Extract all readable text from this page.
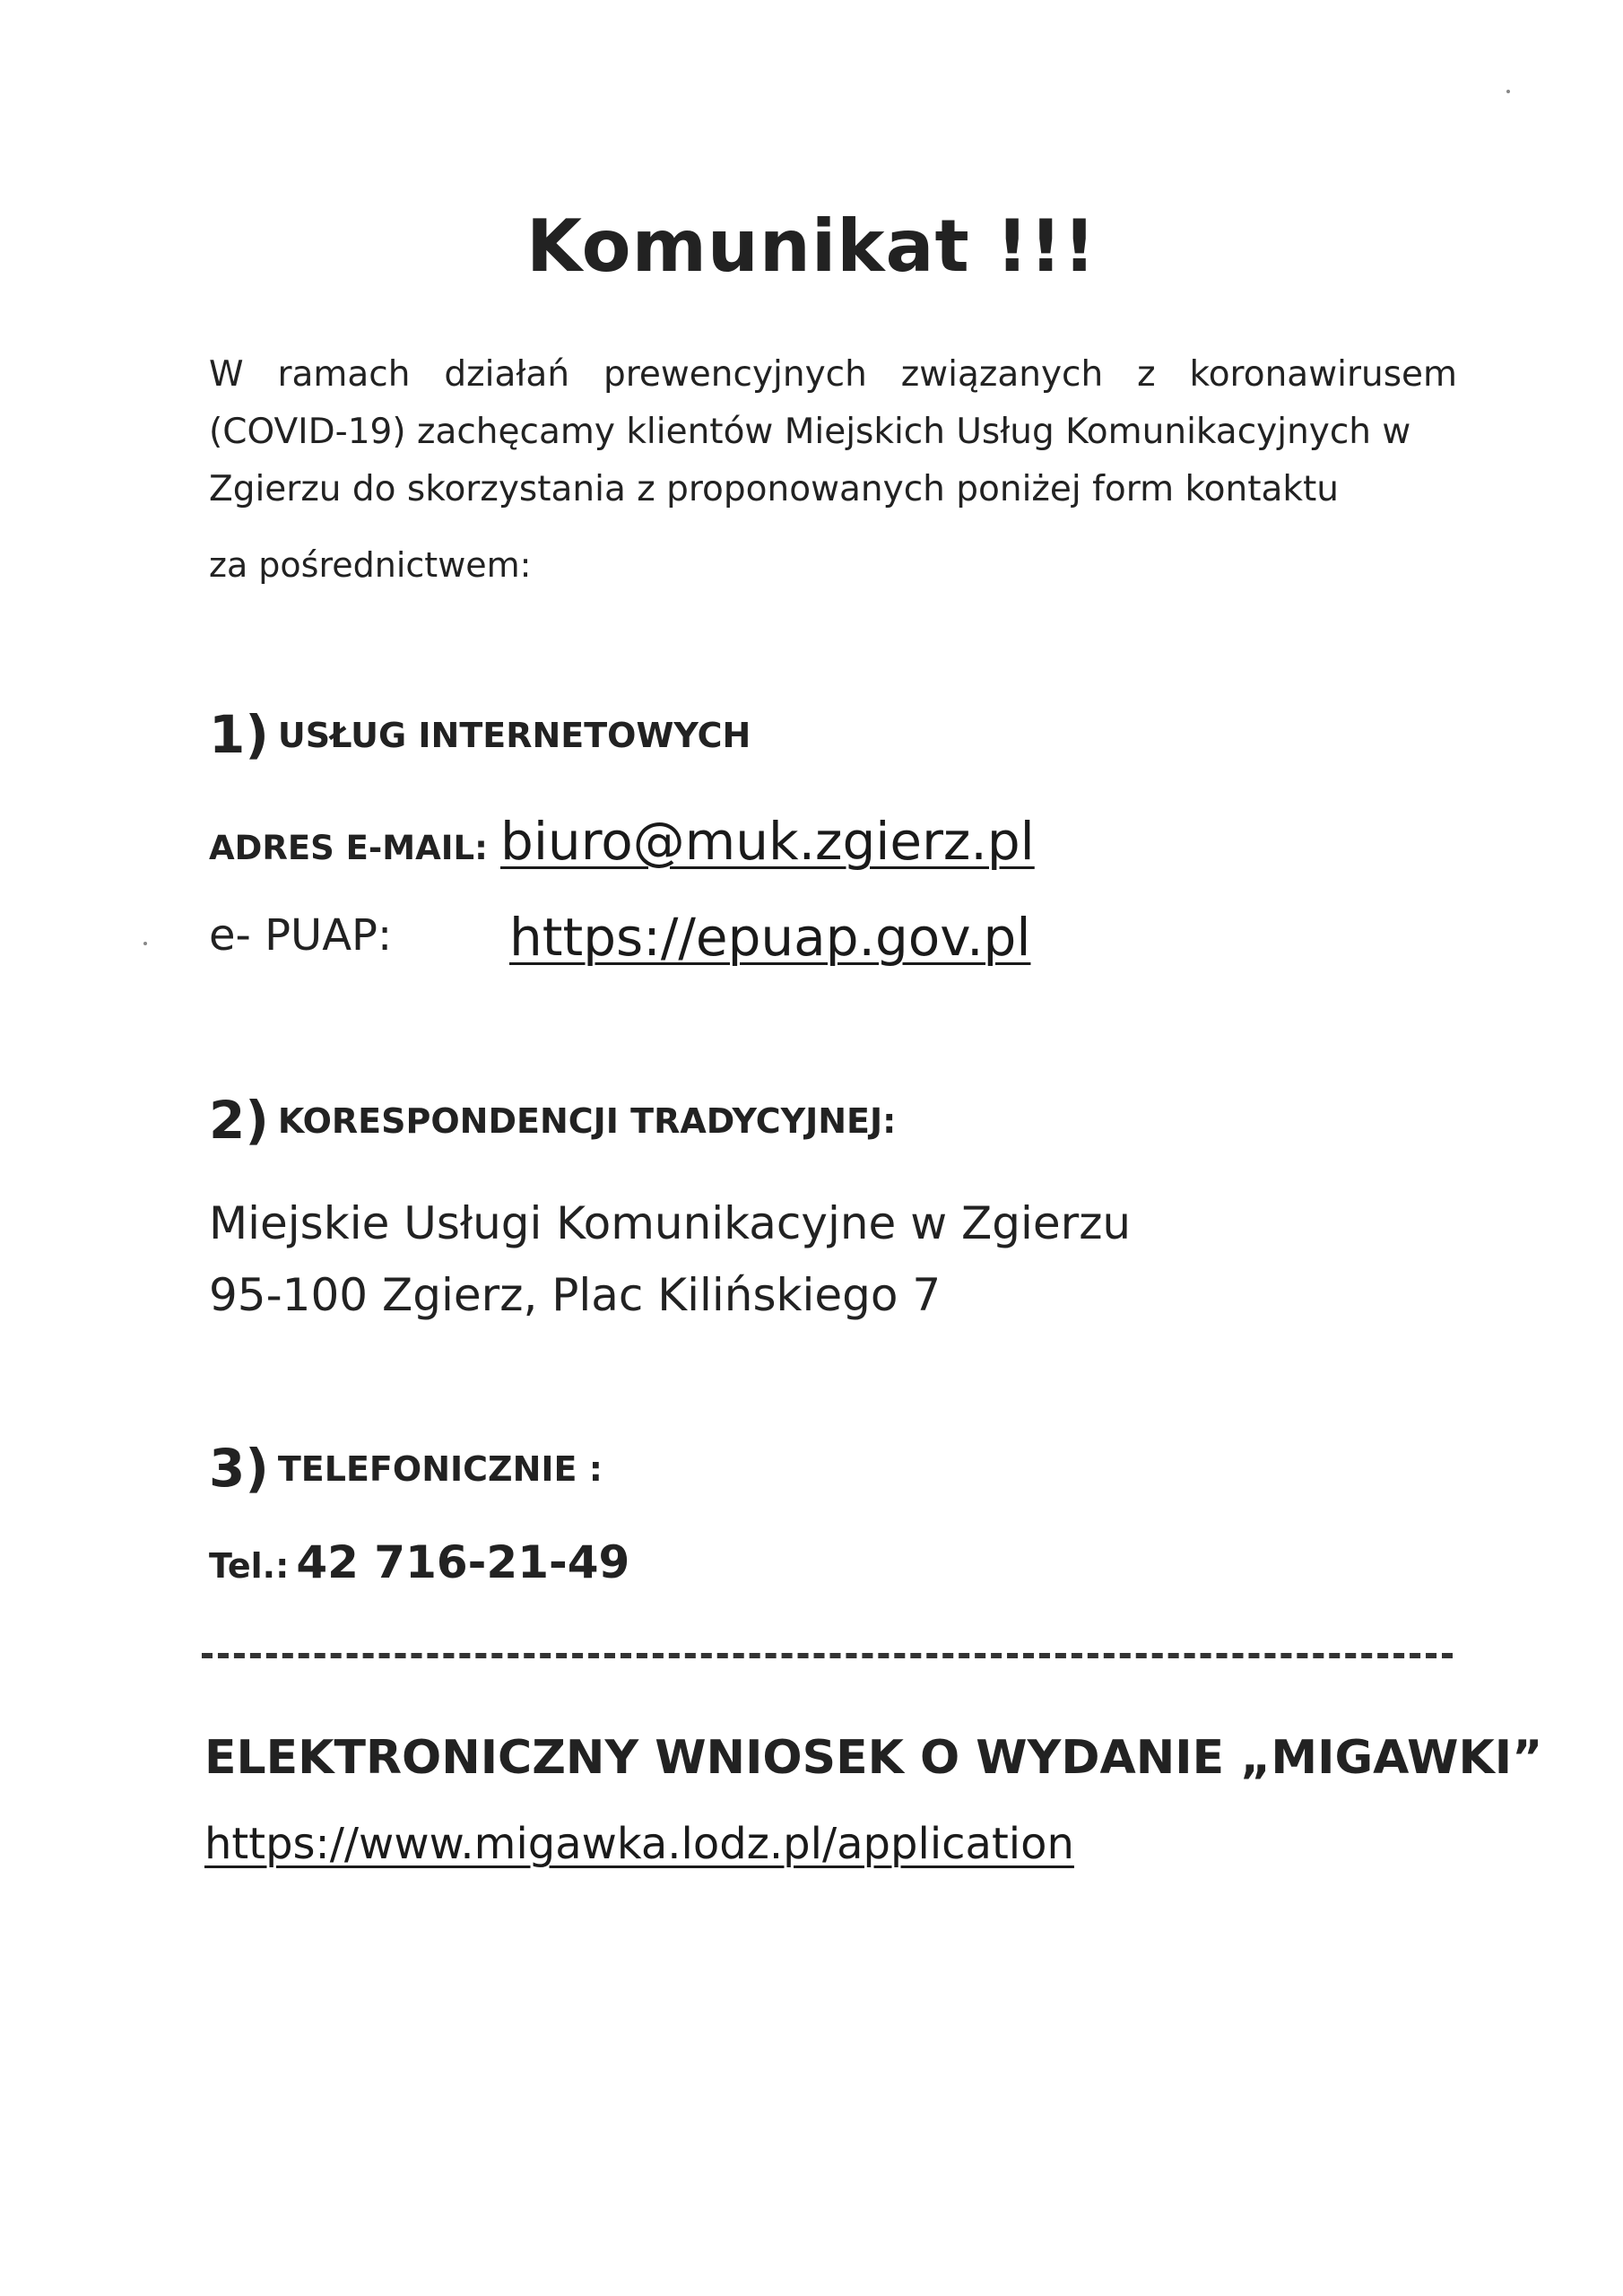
Komunikat !!!
W ramach działań prewencyjnych związanych z koronawirusem
(COVID-19) zachęcamy klientów Miejskich Usług Komunikacyjnych w
Zgierzu do skorzystania z proponowanych poniżej form kontaktu
za pośrednictwem:
1) USŁUG INTERNETOWYCH
ADRES E-MAIL: biuro@muk.zgierz.pl
e- PUAP: https://epuap.gov.pl
2) KORESPONDENCJI TRADYCYJNEJ:
Miejskie Usługi Komunikacyjne w Zgierzu
95-100 Zgierz, Plac Kilińskiego 7
3) TELEFONICZNIE :
Tel.: 42 716-21-49
ELEKTRONICZNY WNIOSEK O WYDANIE „MIGAWKI”
https://www.migawka.lodz.pl/application
